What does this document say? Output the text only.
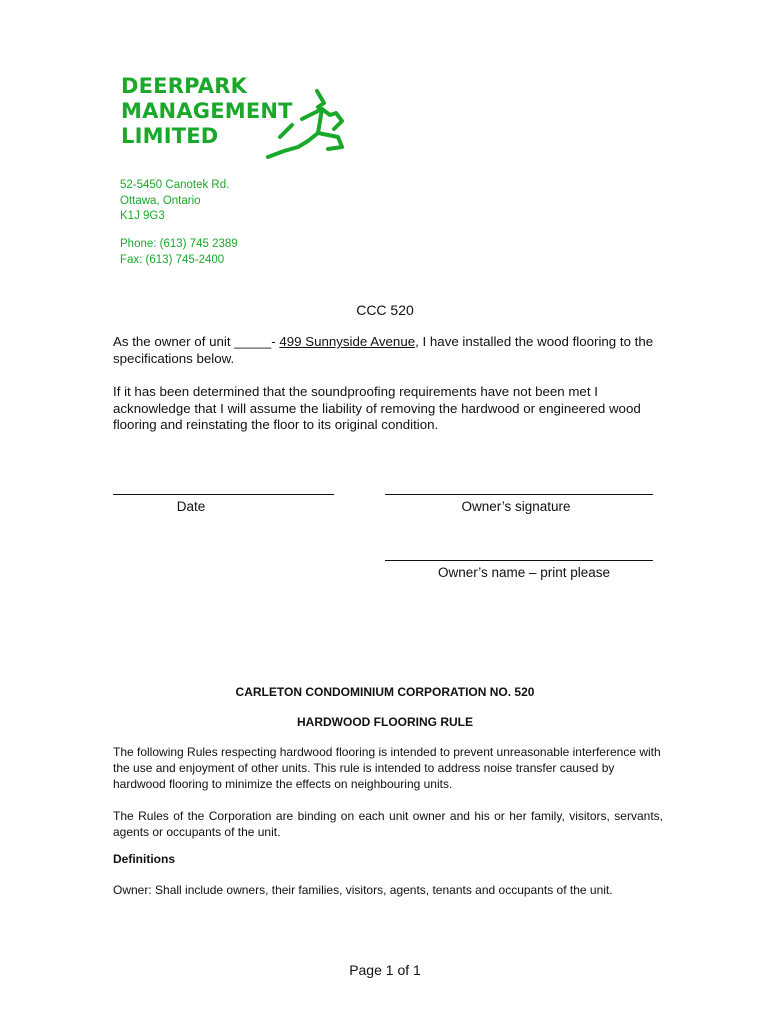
DEERPARK
MANAGEMENT
LIMITED
52-5450 Canotek Rd.
Ottawa, Ontario
K1J 9G3
Phone: (613) 745 2389
Fax: (613) 745-2400
CCC 520
As the owner of unit _____- 499 Sunnyside Avenue, I have installed the wood flooring to the specifications below.
If it has been determined that the soundproofing requirements have not been met I acknowledge that I will assume the liability of removing the hardwood or engineered wood flooring and reinstating the floor to its original condition.
Date	Owner’s signature
Owner’s name – print please
CARLETON CONDOMINIUM CORPORATION NO. 520
HARDWOOD FLOORING RULE
The following Rules respecting hardwood flooring is intended to prevent unreasonable interference with the use and enjoyment of other units. This rule is intended to address noise transfer caused by hardwood flooring to minimize the effects on neighbouring units.
The Rules of the Corporation are binding on each unit owner and his or her family, visitors, servants, agents or occupants of the unit.
Definitions
Owner: Shall include owners, their families, visitors, agents, tenants and occupants of the unit.
Page 1 of 1
